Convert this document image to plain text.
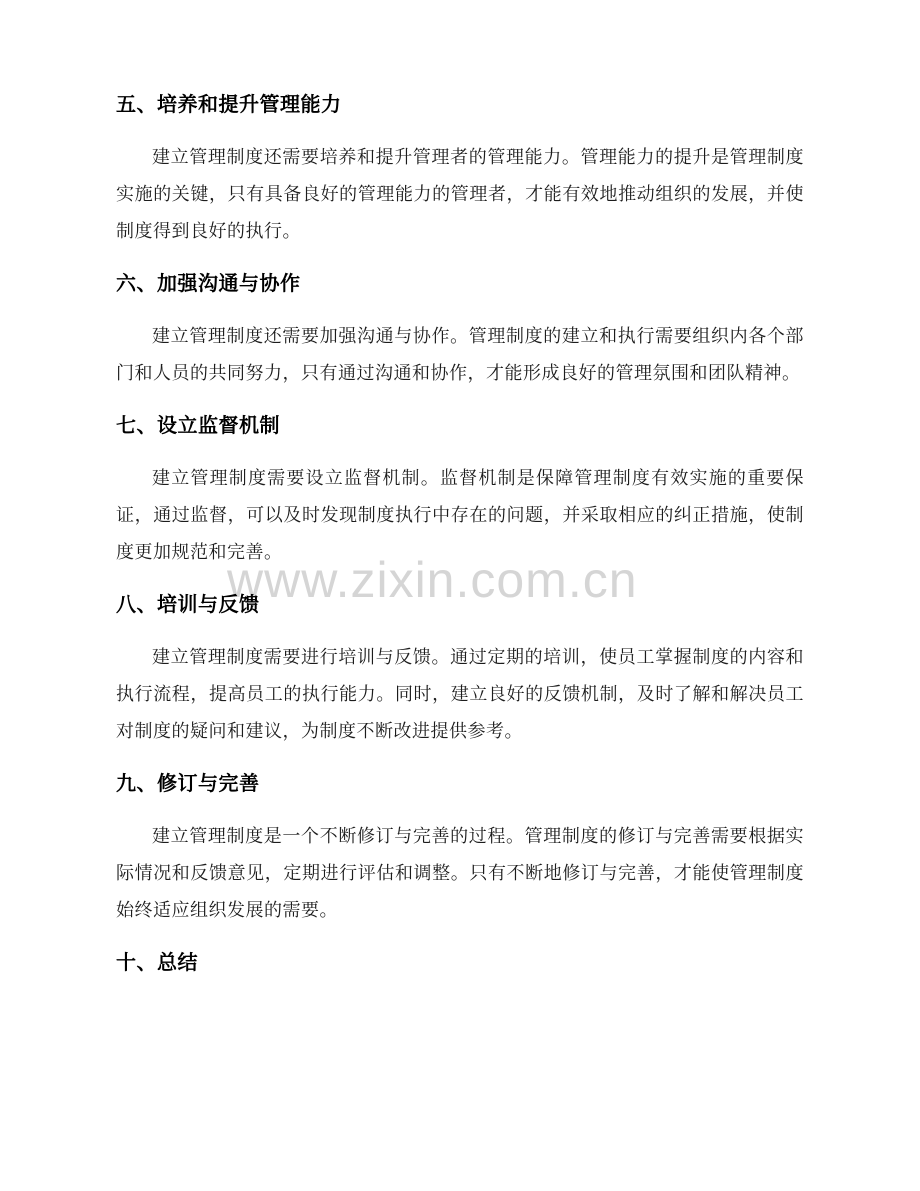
www.zixin.com.cn
五、培养和提升管理能力

建立管理制度还需要培养和提升管理者的管理能力。管理能力的提升是管理制度实施的关键，只有具备良好的管理能力的管理者，才能有效地推动组织的发展，并使制度得到良好的执行。

六、加强沟通与协作

建立管理制度还需要加强沟通与协作。管理制度的建立和执行需要组织内各个部门和人员的共同努力，只有通过沟通和协作，才能形成良好的管理氛围和团队精神。

七、设立监督机制

建立管理制度需要设立监督机制。监督机制是保障管理制度有效实施的重要保证，通过监督，可以及时发现制度执行中存在的问题，并采取相应的纠正措施，使制度更加规范和完善。

八、培训与反馈

建立管理制度需要进行培训与反馈。通过定期的培训，使员工掌握制度的内容和执行流程，提高员工的执行能力。同时，建立良好的反馈机制，及时了解和解决员工对制度的疑问和建议，为制度不断改进提供参考。

九、修订与完善

建立管理制度是一个不断修订与完善的过程。管理制度的修订与完善需要根据实际情况和反馈意见，定期进行评估和调整。只有不断地修订与完善，才能使管理制度始终适应组织发展的需要。

十、总结
